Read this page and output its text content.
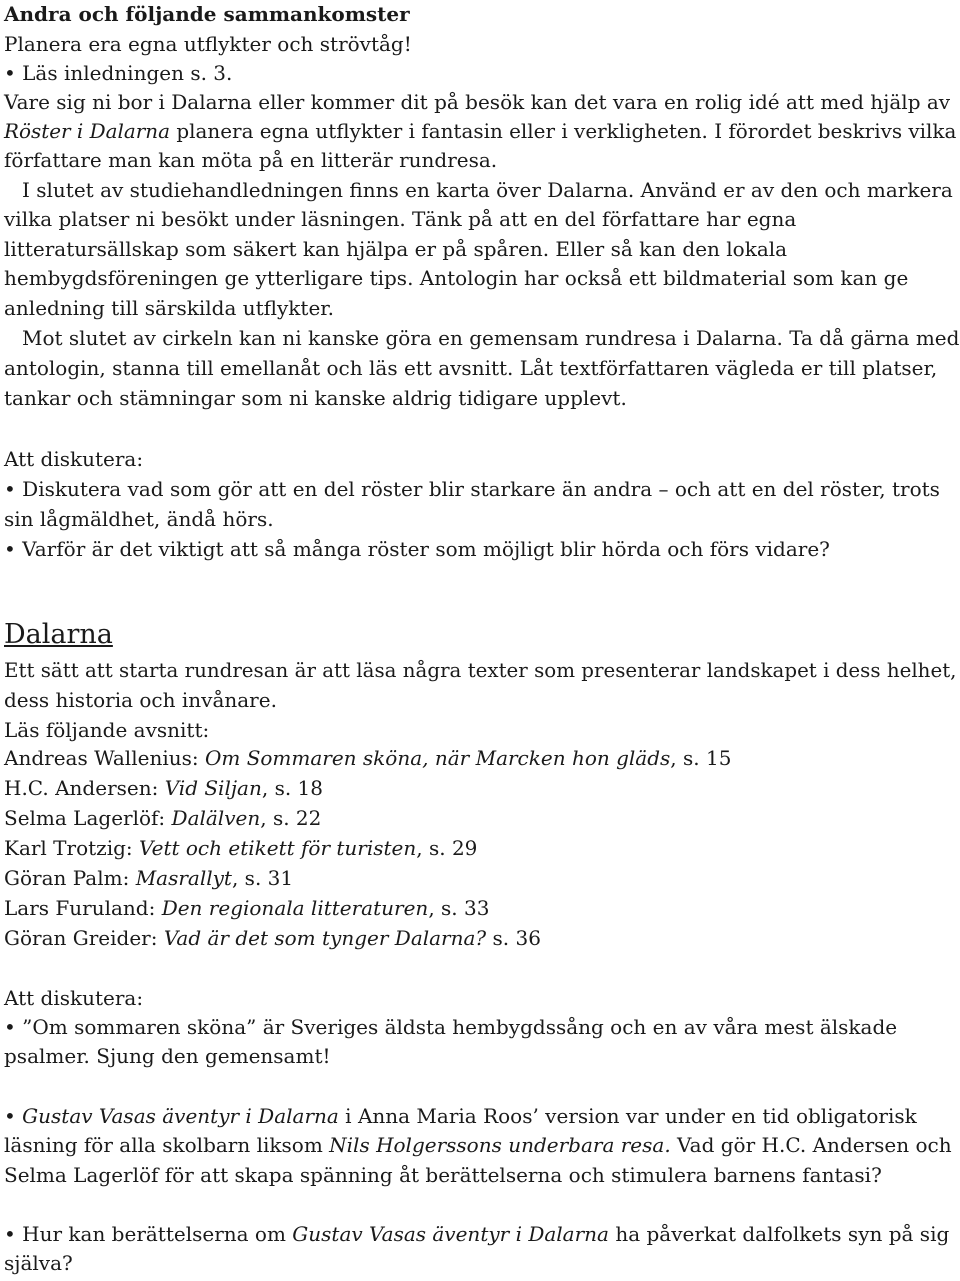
Andra och följande sammankomster
Planera era egna utflykter och strövtåg!
• Läs inledningen s. 3.
Vare sig ni bor i Dalarna eller kommer dit på besök kan det vara en rolig idé att med hjälp av
Röster i Dalarna planera egna utflykter i fantasin eller i verkligheten. I förordet beskrivs vilka
författare man kan möta på en litterär rundresa.
I slutet av studiehandledningen finns en karta över Dalarna. Använd er av den och markera
vilka platser ni besökt under läsningen. Tänk på att en del författare har egna
litteratursällskap som säkert kan hjälpa er på spåren. Eller så kan den lokala
hembygdsföreningen ge ytterligare tips. Antologin har också ett bildmaterial som kan ge
anledning till särskilda utflykter.
Mot slutet av cirkeln kan ni kanske göra en gemensam rundresa i Dalarna. Ta då gärna med
antologin, stanna till emellanåt och läs ett avsnitt. Låt textförfattaren vägleda er till platser,
tankar och stämningar som ni kanske aldrig tidigare upplevt.
Att diskutera:
• Diskutera vad som gör att en del röster blir starkare än andra – och att en del röster, trots
sin lågmäldhet, ändå hörs.
• Varför är det viktigt att så många röster som möjligt blir hörda och förs vidare?
Dalarna
Ett sätt att starta rundresan är att läsa några texter som presenterar landskapet i dess helhet,
dess historia och invånare.
Läs följande avsnitt:
Andreas Wallenius: Om Sommaren sköna, när Marcken hon gläds, s. 15
H.C. Andersen: Vid Siljan, s. 18
Selma Lagerlöf: Dalälven, s. 22
Karl Trotzig: Vett och etikett för turisten, s. 29
Göran Palm: Masrallyt, s. 31
Lars Furuland: Den regionala litteraturen, s. 33
Göran Greider: Vad är det som tynger Dalarna? s. 36
Att diskutera:
• ”Om sommaren sköna” är Sveriges äldsta hembygdssång och en av våra mest älskade
psalmer. Sjung den gemensamt!
• Gustav Vasas äventyr i Dalarna i Anna Maria Roos’ version var under en tid obligatorisk
läsning för alla skolbarn liksom Nils Holgerssons underbara resa. Vad gör H.C. Andersen och
Selma Lagerlöf för att skapa spänning åt berättelserna och stimulera barnens fantasi?
• Hur kan berättelserna om Gustav Vasas äventyr i Dalarna ha påverkat dalfolkets syn på sig
själva?
